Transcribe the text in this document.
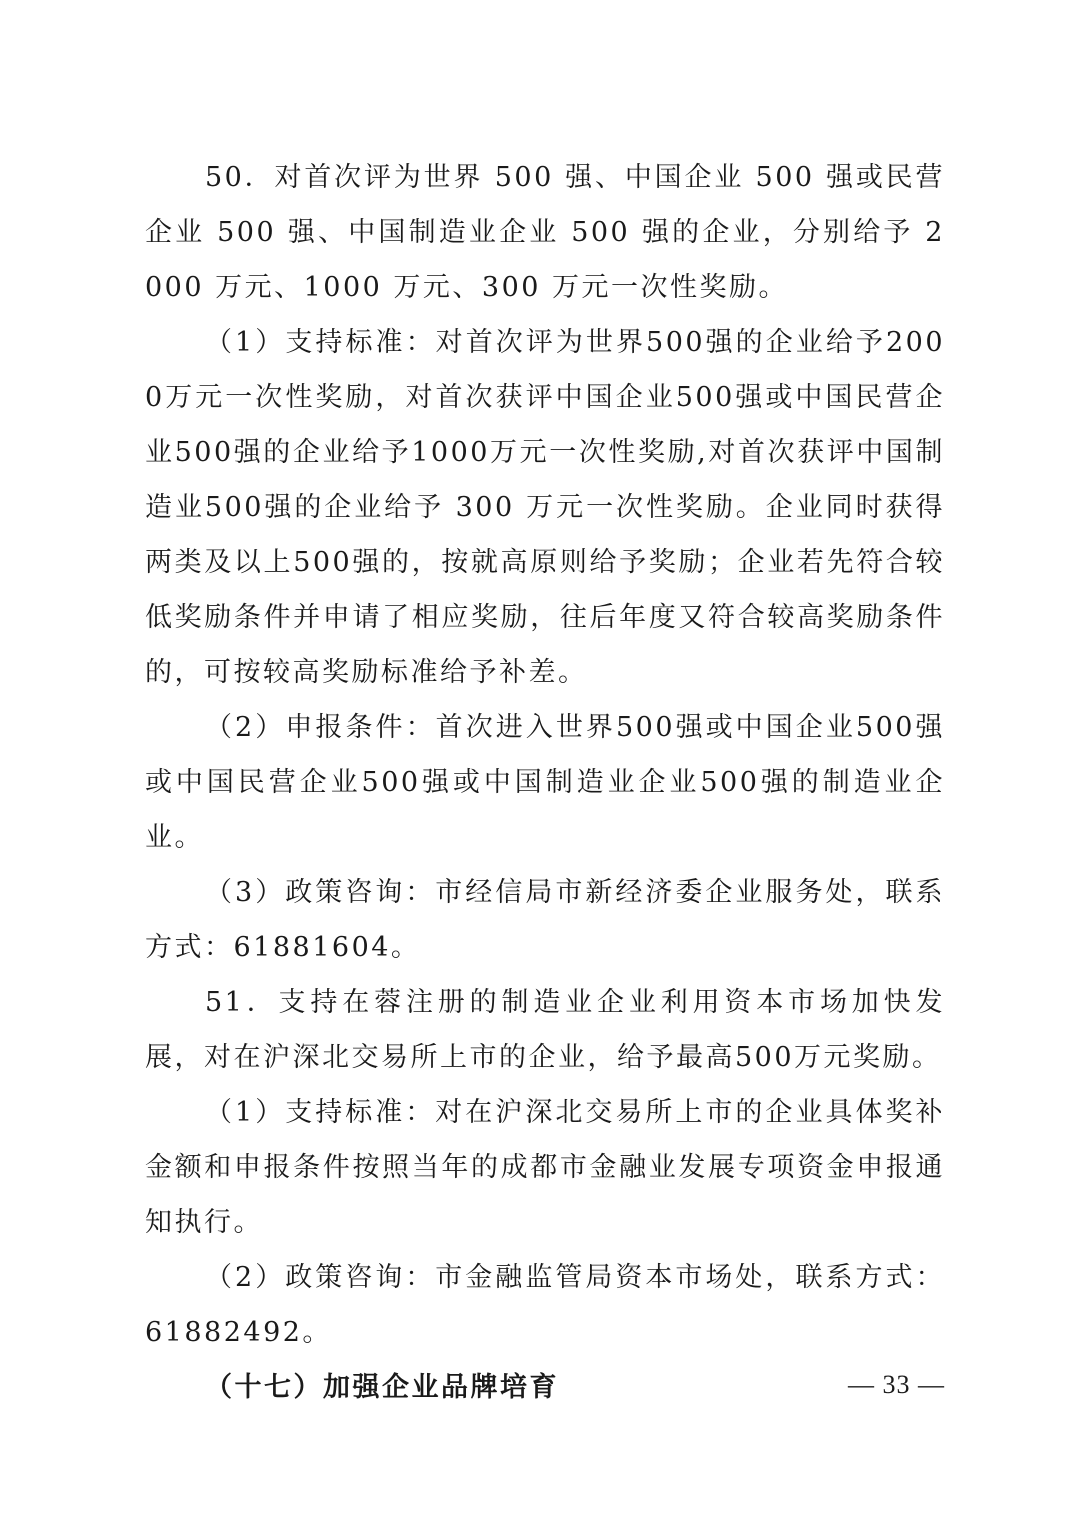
50．对首次评为世界 500 强、中国企业 500 强或民营企业 500 强、中国制造业企业 500 强的企业，分别给予 2000 万元、1000 万元、300 万元一次性奖励。

（1）支持标准：对首次评为世界500强的企业给予2000万元一次性奖励，对首次获评中国企业500强或中国民营企业500强的企业给予1000万元一次性奖励,对首次获评中国制造业500强的企业给予 300 万元一次性奖励。企业同时获得两类及以上500强的，按就高原则给予奖励；企业若先符合较低奖励条件并申请了相应奖励，往后年度又符合较高奖励条件的，可按较高奖励标准给予补差。

（2）申报条件：首次进入世界500强或中国企业500强或中国民营企业500强或中国制造业企业500强的制造业企业。

（3）政策咨询：市经信局市新经济委企业服务处，联系方式：61881604。

51．支持在蓉注册的制造业企业利用资本市场加快发展，对在沪深北交易所上市的企业，给予最高500万元奖励。

（1）支持标准：对在沪深北交易所上市的企业具体奖补金额和申报条件按照当年的成都市金融业发展专项资金申报通知执行。

（2）政策咨询：市金融监管局资本市场处，联系方式：61882492。

（十七）加强企业品牌培育	— 33 —
